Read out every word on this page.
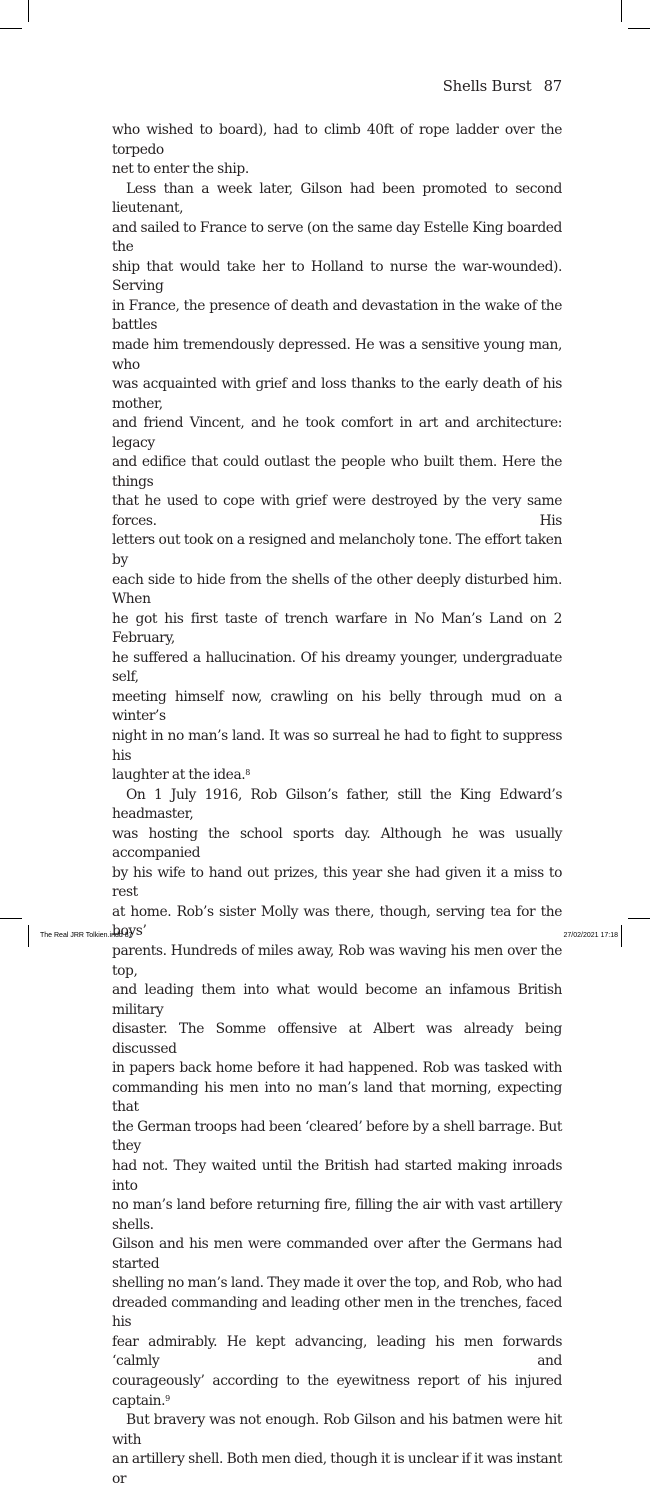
Shells Burst 87

who wished to board), had to climb 40ft of rope ladder over the torpedo

net to enter the ship.

Less than a week later, Gilson had been promoted to second lieutenant,

and sailed to France to serve (on the same day Estelle King boarded the

ship that would take her to Holland to nurse the war-wounded). Serving

in France, the presence of death and devastation in the wake of the battles

made him tremendously depressed. He was a sensitive young man, who

was acquainted with grief and loss thanks to the early death of his mother,

and friend Vincent, and he took comfort in art and architecture: legacy

and edifice that could outlast the people who built them. Here the things

that he used to cope with grief were destroyed by the very same forces. His

letters out took on a resigned and melancholy tone. The effort taken by

each side to hide from the shells of the other deeply disturbed him. When

he got his first taste of trench warfare in No Man’s Land on 2 February,

he suffered a hallucination. Of his dreamy younger, undergraduate self,

meeting himself now, crawling on his belly through mud on a winter’s

night in no man’s land. It was so surreal he had to fight to suppress his

laughter at the idea.$^8$

On 1 July 1916, Rob Gilson’s father, still the King Edward’s headmaster,

was hosting the school sports day. Although he was usually accompanied

by his wife to hand out prizes, this year she had given it a miss to rest

at home. Rob’s sister Molly was there, though, serving tea for the boys’

parents. Hundreds of miles away, Rob was waving his men over the top,

and leading them into what would become an infamous British military

disaster. The Somme offensive at Albert was already being discussed

in papers back home before it had happened. Rob was tasked with

commanding his men into no man’s land that morning, expecting that

the German troops had been ‘cleared’ before by a shell barrage. But they

had not. They waited until the British had started making inroads into

no man’s land before returning fire, filling the air with vast artillery shells.

Gilson and his men were commanded over after the Germans had started

shelling no man’s land. They made it over the top, and Rob, who had

dreaded commanding and leading other men in the trenches, faced his

fear admirably. He kept advancing, leading his men forwards ‘calmly and

courageously’ according to the eyewitness report of his injured captain.$^9$

But bravery was not enough. Rob Gilson and his batmen were hit with

an artillery shell. Both men died, though it is unclear if it was instant or

The Real JRR Tolkien.indd 87	27/02/2021 17:18
